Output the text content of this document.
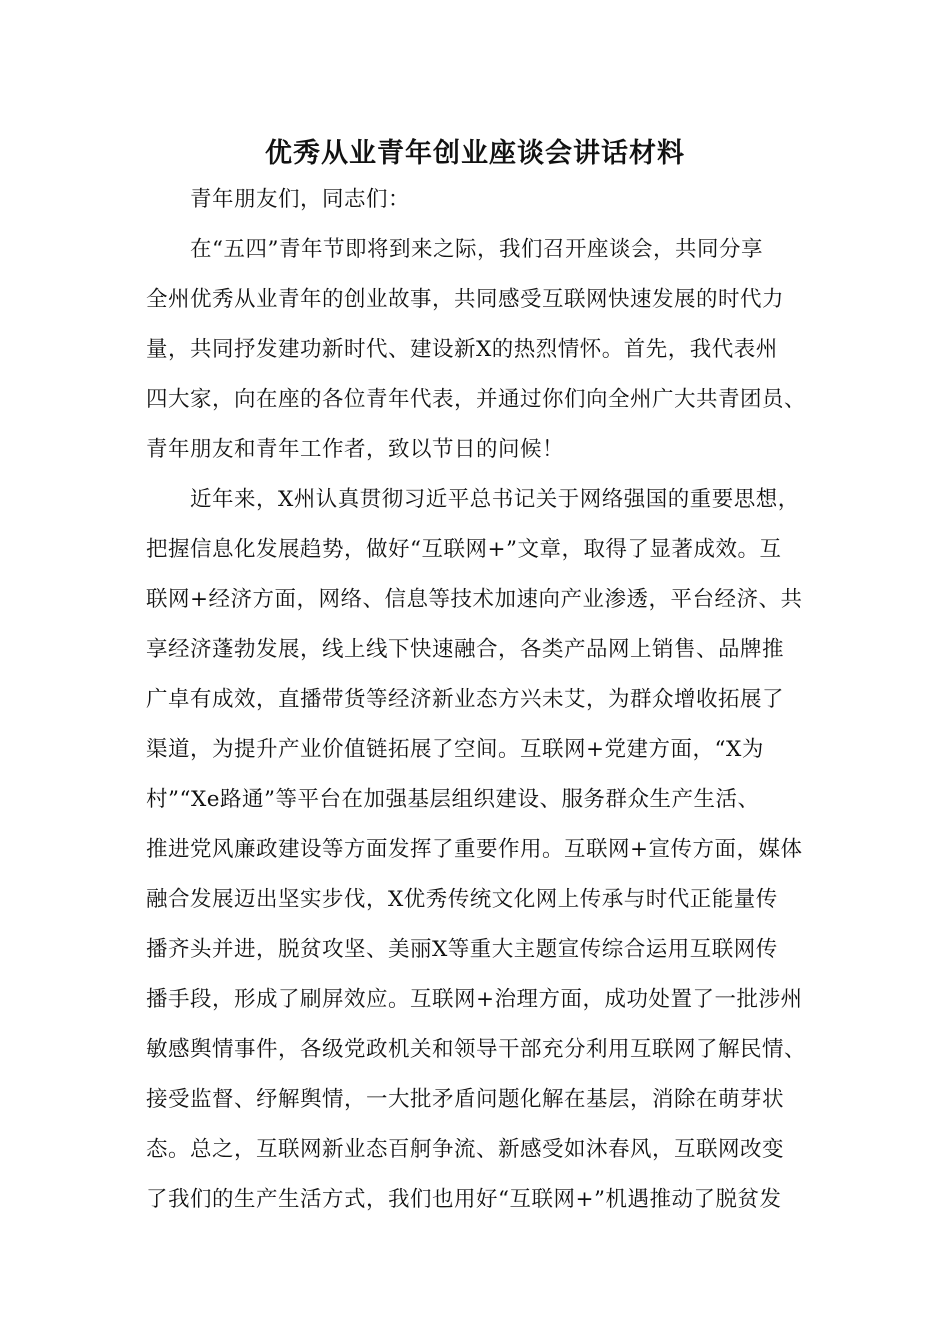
优秀从业青年创业座谈会讲话材料
青年朋友们，同志们：
在“五四”青年节即将到来之际，我们召开座谈会，共同分享
全州优秀从业青年的创业故事，共同感受互联网快速发展的时代力
量，共同抒发建功新时代、建设新X的热烈情怀。首先，我代表州
四大家，向在座的各位青年代表，并通过你们向全州广大共青团员、
青年朋友和青年工作者，致以节日的问候！
近年来，X州认真贯彻习近平总书记关于网络强国的重要思想，
把握信息化发展趋势，做好“互联网+”文章，取得了显著成效。互
联网+经济方面，网络、信息等技术加速向产业渗透，平台经济、共
享经济蓬勃发展，线上线下快速融合，各类产品网上销售、品牌推
广卓有成效，直播带货等经济新业态方兴未艾，为群众增收拓展了
渠道，为提升产业价值链拓展了空间。互联网+党建方面，“X为
村”“Xe路通”等平台在加强基层组织建设、服务群众生产生活、
推进党风廉政建设等方面发挥了重要作用。互联网+宣传方面，媒体
融合发展迈出坚实步伐，X优秀传统文化网上传承与时代正能量传
播齐头并进，脱贫攻坚、美丽X等重大主题宣传综合运用互联网传
播手段，形成了刷屏效应。互联网+治理方面，成功处置了一批涉州
敏感舆情事件，各级党政机关和领导干部充分利用互联网了解民情、
接受监督、纾解舆情，一大批矛盾问题化解在基层，消除在萌芽状
态。总之，互联网新业态百舸争流、新感受如沐春风，互联网改变
了我们的生产生活方式，我们也用好“互联网+”机遇推动了脱贫发
